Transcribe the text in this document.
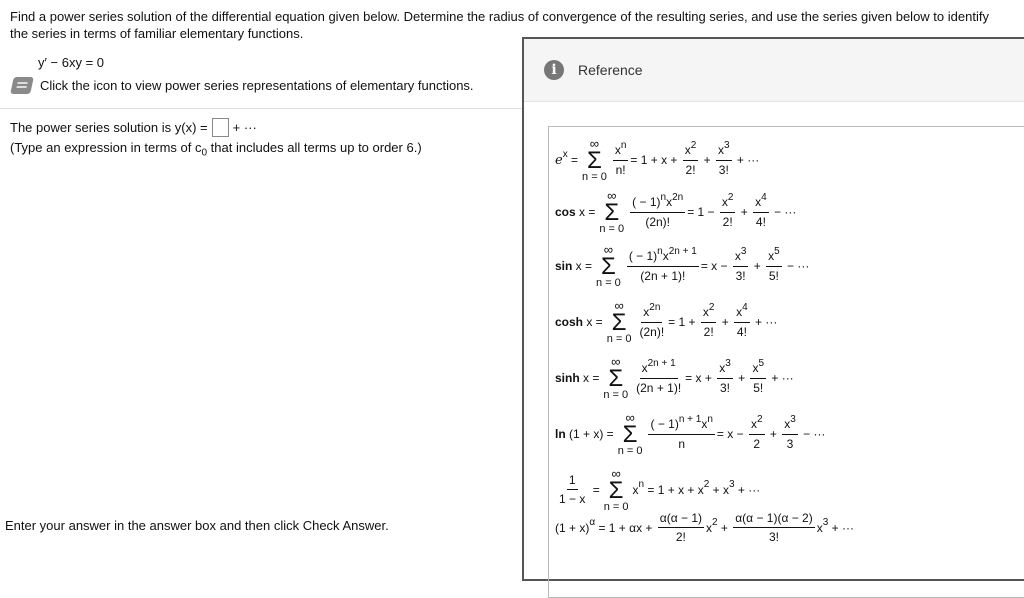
Find a power series solution of the differential equation given below. Determine the radius of convergence of the resulting series, and use the series given below to identify the series in terms of familiar elementary functions.
y′ − 6xy = 0
Click the icon to view power series representations of elementary functions.
The power series solution is y(x) = + ···
(Type an expression in terms of $c_0$ that includes all terms up to order 6.)
Enter your answer in the answer box and then click Check Answer.
i	Reference
e x =
∞
Σ
$n = 0 \frac{x^n}{n!} = 1 + x + \frac{x^2}{2!} + \frac{x^3}{3!}$ + ···
cos x =
∞
Σ
$n = 0 \frac{( - 1)^nx^{2n}}{(2n)!} = 1 - \frac{x^2}{2!} + \frac{x^4}{4!}$ − ···
sin x =
∞
Σ
$n = 0 \frac{( - 1)^nx^{2n + 1}}{(2n + 1)!} = x - \frac{x^3}{3!} + \frac{x^5}{5!}$ − ···
cosh x =
∞
Σ
$n = 0 \frac{x^{2n}}{(2n)!} = 1 + \frac{x^2}{2!} + \frac{x^4}{4!}$ + ···
sinh x =
∞
Σ
$n = 0 \frac{x^{2n + 1}}{(2n + 1)!} = x + \frac{x^3}{3!} + \frac{x^5}{5!}$ + ···
ln (1 + x) =
∞
Σ
$n = 0 \frac{( - 1)^{n + 1}x^n}{n} = x - \frac{x^2}{2} + \frac{x^3}{3}$ − ···
$\frac{1}{1 - x}$ =
∞
Σ
n = 0
x n = 1 + x + x 2 + x 3 + ···
(1 + x) $\alpha = 1 + \alpha x + \frac{\alpha(\alpha - 1)}{2!}$ x $2 + \frac{\alpha(\alpha - 1)(\alpha - 2)}{3!}$ x 3 + ···
